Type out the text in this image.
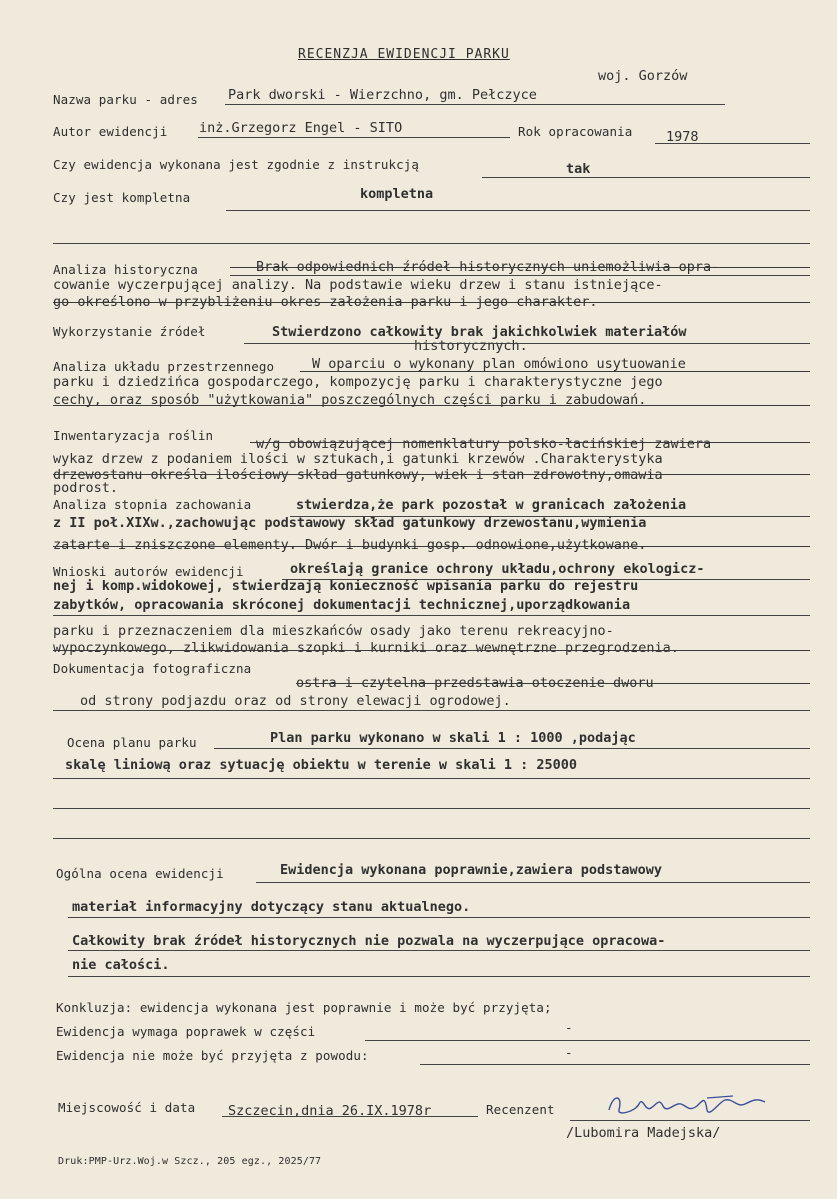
RECENZJA EWIDENCJI PARKU
woj. Gorzów
Nazwa parku - adres Park dworski - Wierzchno, gm. Pełczyce
Autor ewidencji inż.Grzegorz Engel - SITO	Rok opracowania 1978
Czy ewidencja wykonana jest zgodnie z instrukcją	tak
Czy jest kompletna	kompletna
Analiza historyczna	Brak odpowiednich źródeł historycznych uniemożliwia opra-
cowanie wyczerpującej analizy. Na podstawie wieku drzew i stanu istniejące-
go określono w przybliżeniu okres założenia parku i jego charakter.
Wykorzystanie źródeł	Stwierdzono całkowity brak jakichkolwiek materiałów
historycznych.
Analiza układu przestrzennego	W oparciu o wykonany plan omówiono usytuowanie
parku i dziedzińca gospodarczego, kompozycję parku i charakterystyczne jego
cechy, oraz sposób "użytkowania" poszczególnych części parku i zabudowań.
Inwentaryzacja roślin
w/g obowiązującej nomenklatury polsko-łacińskiej zawiera
wykaz drzew z podaniem ilości w sztukach,i gatunki krzewów .Charakterystyka
drzewostanu określa ilościowy skład gatunkowy, wiek i stan zdrowotny,omawia
podrost.
Analiza stopnia zachowania	stwierdza,że park pozostał w granicach założenia
z II poł.XIXw.,zachowując podstawowy skład gatunkowy drzewostanu,wymienia
zatarte i zniszczone elementy. Dwór i budynki gosp. odnowione,użytkowane.
Wnioski autorów ewidencji	określają granice ochrony układu,ochrony ekologicz-
nej i komp.widokowej, stwierdzają konieczność wpisania parku do rejestru
zabytków, opracowania skróconej dokumentacji technicznej,uporządkowania
parku i przeznaczeniem dla mieszkańców osady jako terenu rekreacyjno-
wypoczynkowego, zlikwidowania szopki i kurniki oraz wewnętrzne przegrodzenia.
Dokumentacja fotograficzna
ostra i czytelna przedstawia otoczenie dworu
od strony podjazdu oraz od strony elewacji ogrodowej.
Ocena planu parku	Plan parku wykonano w skali 1 : 1000 ,podając
skalę liniową oraz sytuację obiektu w terenie w skali 1 : 25000
Ogólna ocena ewidencji	Ewidencja wykonana poprawnie,zawiera podstawowy
materiał informacyjny dotyczący stanu aktualnego.
Całkowity brak źródeł historycznych nie pozwala na wyczerpujące opracowa-
nie całości.
Konkluzja: ewidencja wykonana jest poprawnie i może być przyjęta;
Ewidencja wymaga poprawek w części	-
Ewidencja nie może być przyjęta z powodu:	-
Miejscowość i data Szczecin,dnia 26.IX.1978r	Recenzent
/Lubomira Madejska/
Druk:PMP-Urz.Woj.w Szcz., 205 egz., 2025/77
